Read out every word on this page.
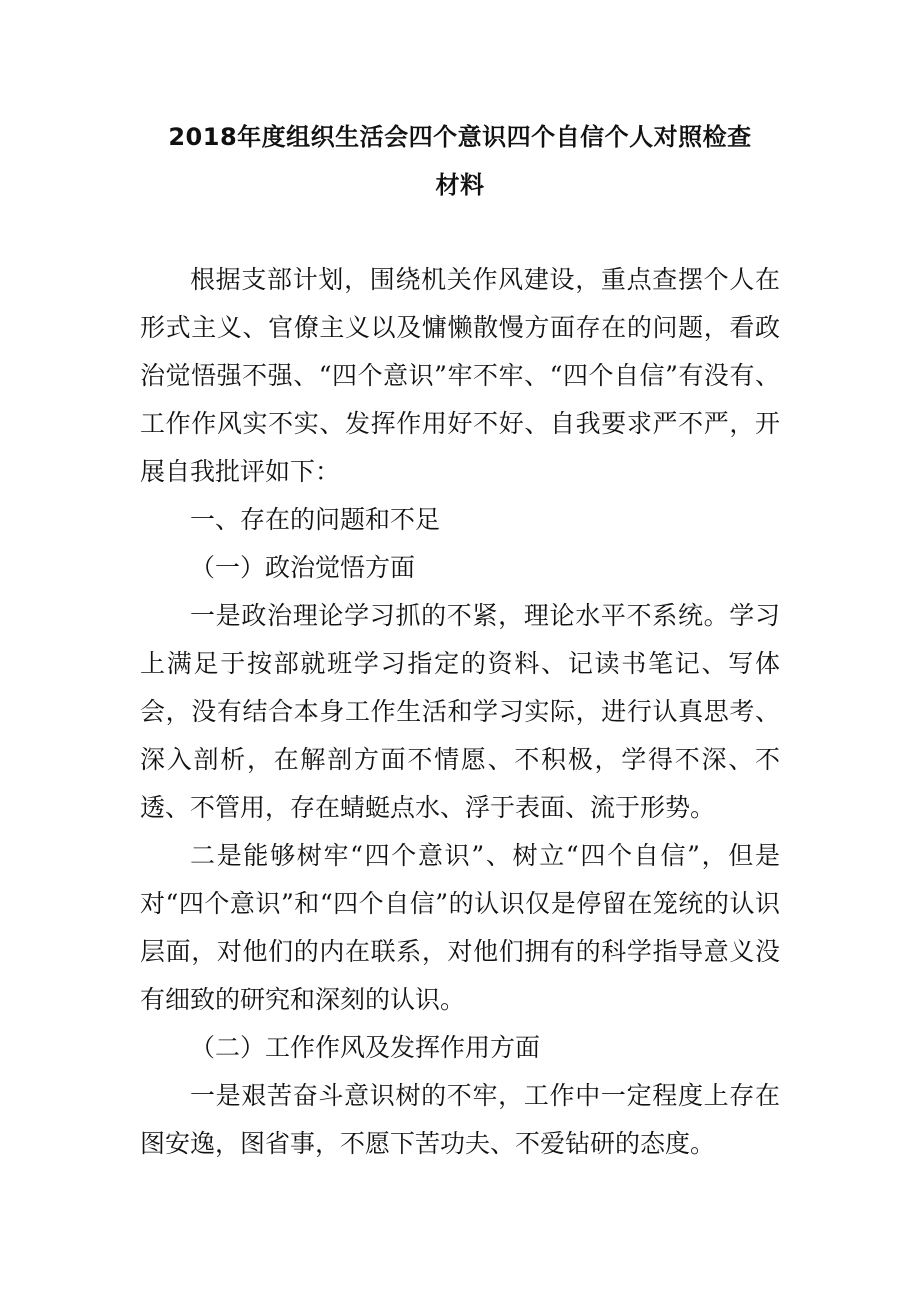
2018年度组织生活会四个意识四个自信个人对照检查
材料

根据支部计划，围绕机关作风建设，重点查摆个人在形式主义、官僚主义以及慵懒散慢方面存在的问题，看政治觉悟强不强、“四个意识”牢不牢、“四个自信”有没有、工作作风实不实、发挥作用好不好、自我要求严不严，开展自我批评如下：

一、存在的问题和不足

（一）政治觉悟方面

一是政治理论学习抓的不紧，理论水平不系统。学习上满足于按部就班学习指定的资料、记读书笔记、写体会，没有结合本身工作生活和学习实际，进行认真思考、深入剖析，在解剖方面不情愿、不积极，学得不深、不透、不管用，存在蜻蜓点水、浮于表面、流于形势。

二是能够树牢“四个意识”、树立“四个自信”，但是对“四个意识”和“四个自信”的认识仅是停留在笼统的认识层面，对他们的内在联系，对他们拥有的科学指导意义没有细致的研究和深刻的认识。

（二）工作作风及发挥作用方面

一是艰苦奋斗意识树的不牢，工作中一定程度上存在图安逸，图省事，不愿下苦功夫、不爱钻研的态度。
